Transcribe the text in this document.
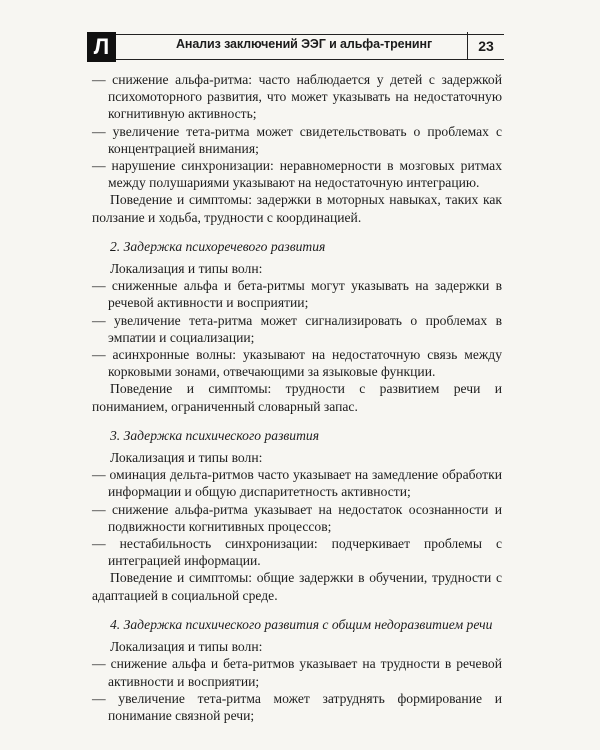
Л	Анализ заключений ЭЭГ и альфа-тренинг	23

— снижение альфа-ритма: часто наблюдается у детей с задержкой психомоторного развития, что может указывать на недостаточную когнитивную активность;

— увеличение тета-ритма может свидетельствовать о проблемах с концентрацией внимания;

— нарушение синхронизации: неравномерности в мозговых ритмах между полушариями указывают на недостаточную интеграцию.

Поведение и симптомы: задержки в моторных навыках, таких как ползание и ходьба, трудности с координацией.

2. Задержка психоречевого развития

Локализация и типы волн:

— сниженные альфа и бета-ритмы могут указывать на задержки в речевой активности и восприятии;

— увеличение тета-ритма может сигнализировать о проблемах в эмпатии и социализации;

— асинхронные волны: указывают на недостаточную связь между корковыми зонами, отвечающими за языковые функции.

Поведение и симптомы: трудности с развитием речи и пониманием, ограниченный словарный запас.

3. Задержка психического развития

Локализация и типы волн:

— оминация дельта-ритмов часто указывает на замедление обработки информации и общую диспаритетность активности;

— снижение альфа-ритма указывает на недостаток осознанности и подвижности когнитивных процессов;

— нестабильность синхронизации: подчеркивает проблемы с интеграцией информации.

Поведение и симптомы: общие задержки в обучении, трудности с адаптацией в социальной среде.

4. Задержка психического развития с общим недоразвитием речи

Локализация и типы волн:

— снижение альфа и бета-ритмов указывает на трудности в речевой активности и восприятии;

— увеличение тета-ритма может затруднять формирование и понимание связной речи;
